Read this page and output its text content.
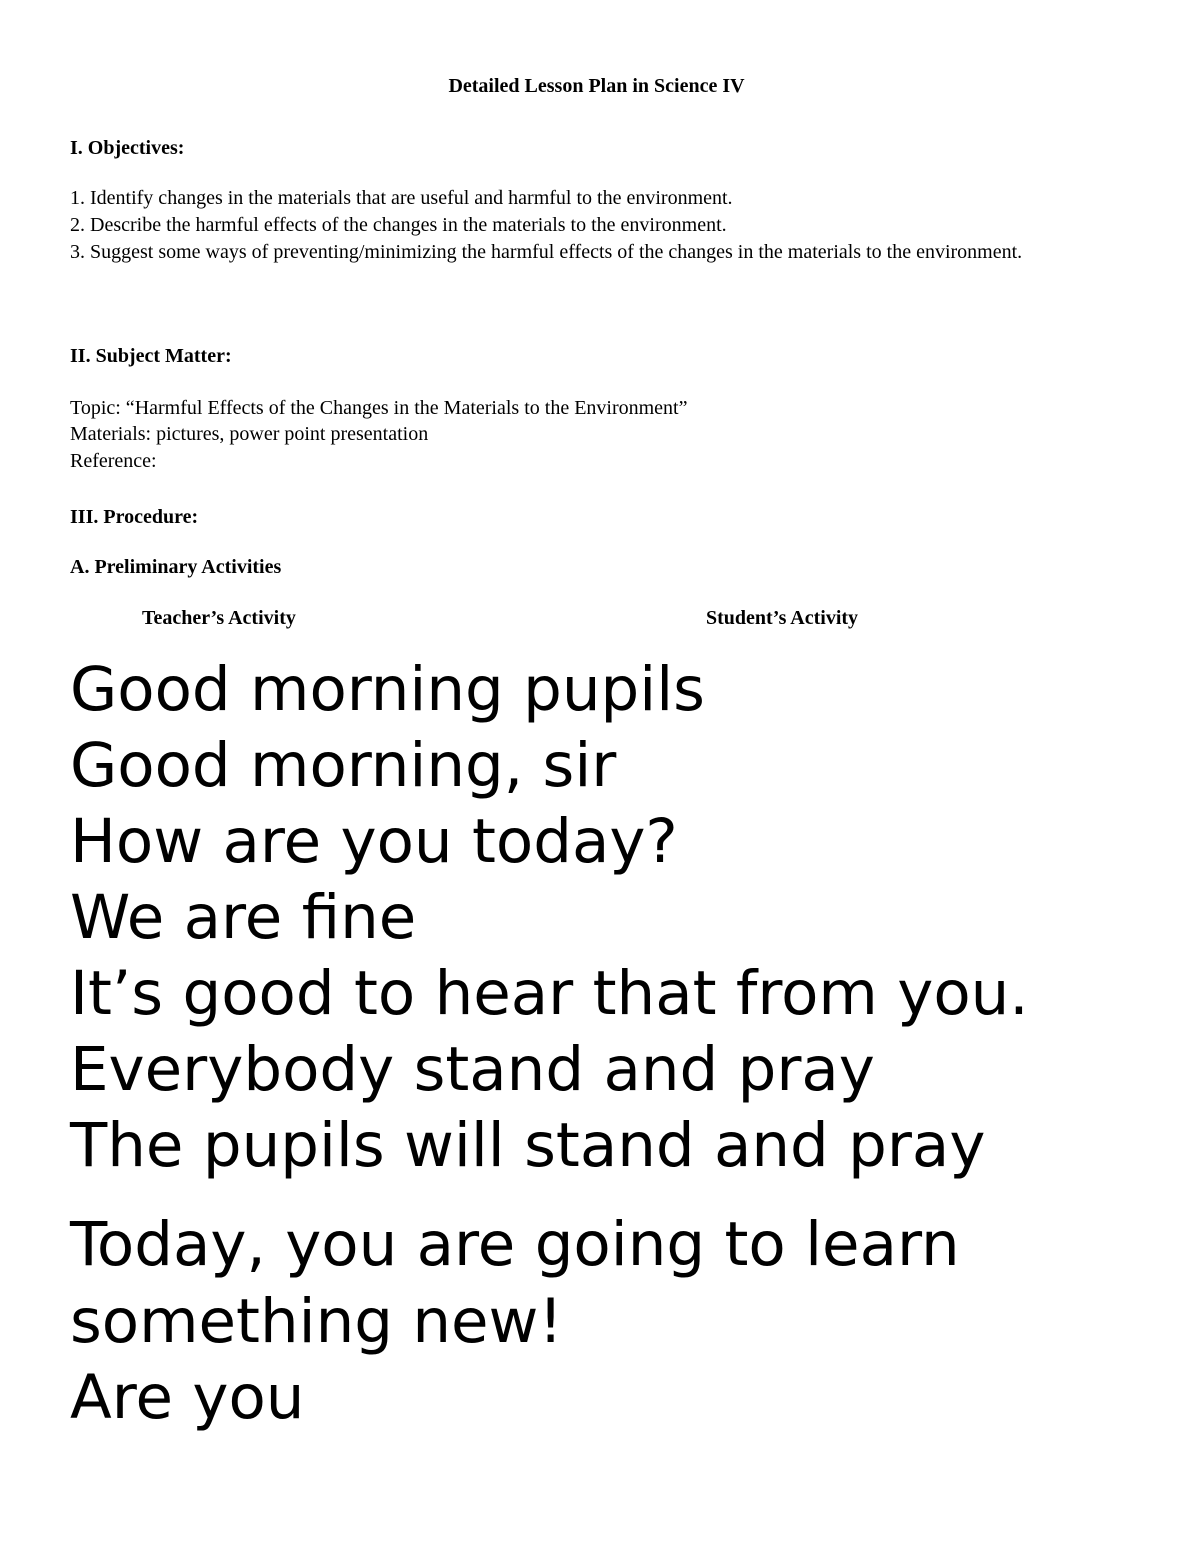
Detailed Lesson Plan in Science IV
I. Objectives:
1. Identify changes in the materials that are useful and harmful to the environment.
2. Describe the harmful effects of the changes in the materials to the environment.
3. Suggest some ways of preventing/minimizing the harmful effects of the changes in the materials to the environment.
II. Subject Matter:
Topic: “Harmful Effects of the Changes in the Materials to the Environment”
Materials: pictures, power point presentation
Reference:
III. Procedure:
A. Preliminary Activities
Teacher’s Activity	Student’s Activity
Good morning pupils
Good morning, sir
How are you today?
We are fine
It’s good to hear that from you.
Everybody stand and pray
The pupils will stand and pray
Today, you are going to learn
something new!
Are you
